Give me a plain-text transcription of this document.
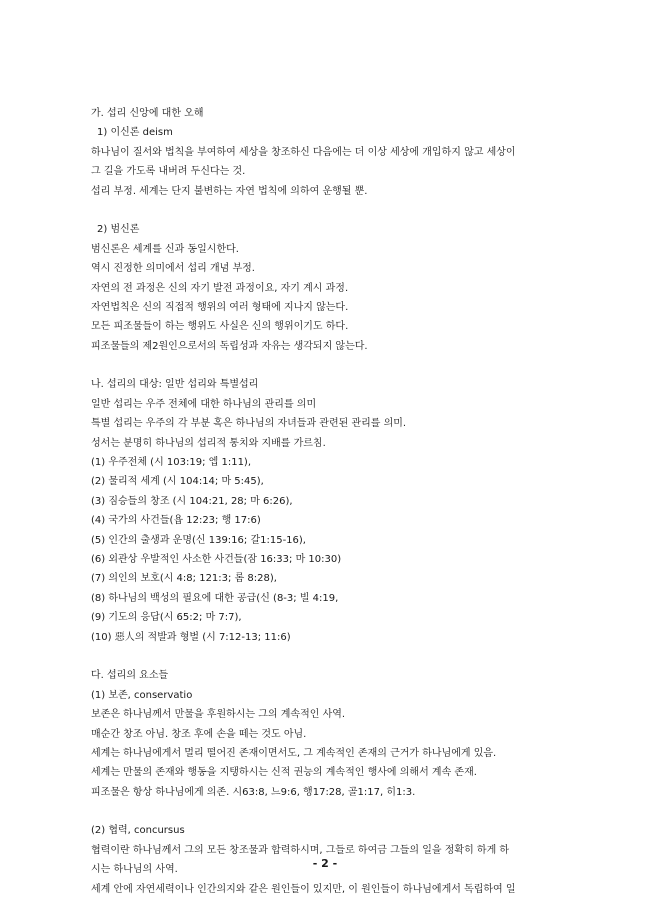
가. 섭리 신앙에 대한 오해
1) 이신론 deism
하나님이 질서와 법칙을 부여하여 세상을 창조하신 다음에는 더 이상 세상에 개입하지 않고 세상이
그 길을 가도록 내버려 두신다는 것.
섭리 부정. 세계는 단지 불변하는 자연 법칙에 의하여 운행될 뿐.
2) 범신론
범신론은 세계를 신과 동일시한다.
역시 진정한 의미에서 섭리 개념 부정.
자연의 전 과정은 신의 자기 발전 과정이요, 자기 계시 과정.
자연법칙은 신의 직접적 행위의 여러 형태에 지나지 않는다.
모든 피조물들이 하는 행위도 사실은 신의 행위이기도 하다.
피조물들의 제2원인으로서의 독립성과 자유는 생각되지 않는다.
나. 섭리의 대상: 일반 섭리와 특별섭리
일반 섭리는 우주 전체에 대한 하나님의 관리를 의미
특별 섭리는 우주의 각 부분 혹은 하나님의 자녀들과 관련된 관리를 의미.
성서는 분명히 하나님의 섭리적 통치와 지배를 가르침.
(1) 우주전체 (시 103:19; 엡 1:11),
(2) 물리적 세계 (시 104:14; 마 5:45),
(3) 짐승들의 창조 (시 104:21, 28; 마 6:26),
(4) 국가의 사건들(욥 12:23; 행 17:6)
(5) 인간의 출생과 운명(신 139:16; 갈1:15-16),
(6) 외관상 우발적인 사소한 사건들(잠 16:33; 마 10:30)
(7) 의인의 보호(시 4:8; 121:3; 롬 8:28),
(8) 하나님의 백성의 필요에 대한 공급(신 (8-3; 빌 4:19,
(9) 기도의 응답(시 65:2; 마 7:7),
(10) 惡人의 적발과 형벌 (시 7:12-13; 11:6)
다. 섭리의 요소들
(1) 보존, conservatio
보존은 하나님께서 만물을 후원하시는 그의 계속적인 사역.
매순간 창조 아님. 창조 후에 손을 떼는 것도 아님.
세계는 하나님에게서 멀리 떨어진 존재이면서도, 그 계속적인 존재의 근거가 하나님에게 있음.
세계는 만물의 존재와 행동을 지탱하시는 신적 권능의 계속적인 행사에 의해서 계속 존재.
피조물은 항상 하나님에게 의존. 시63:8, 느9:6, 행17:28, 골1:17, 히1:3.
(2) 협력, concursus
협력이란 하나님께서 그의 모든 창조물과 합력하시며, 그들로 하여금 그들의 일을 정확히 하게 하
시는 하나님의 사역.
세계 안에 자연세력이나 인간의지와 같은 원인들이 있지만, 이 원인들이 하나님에게서 독립하여 일
- 2 -
